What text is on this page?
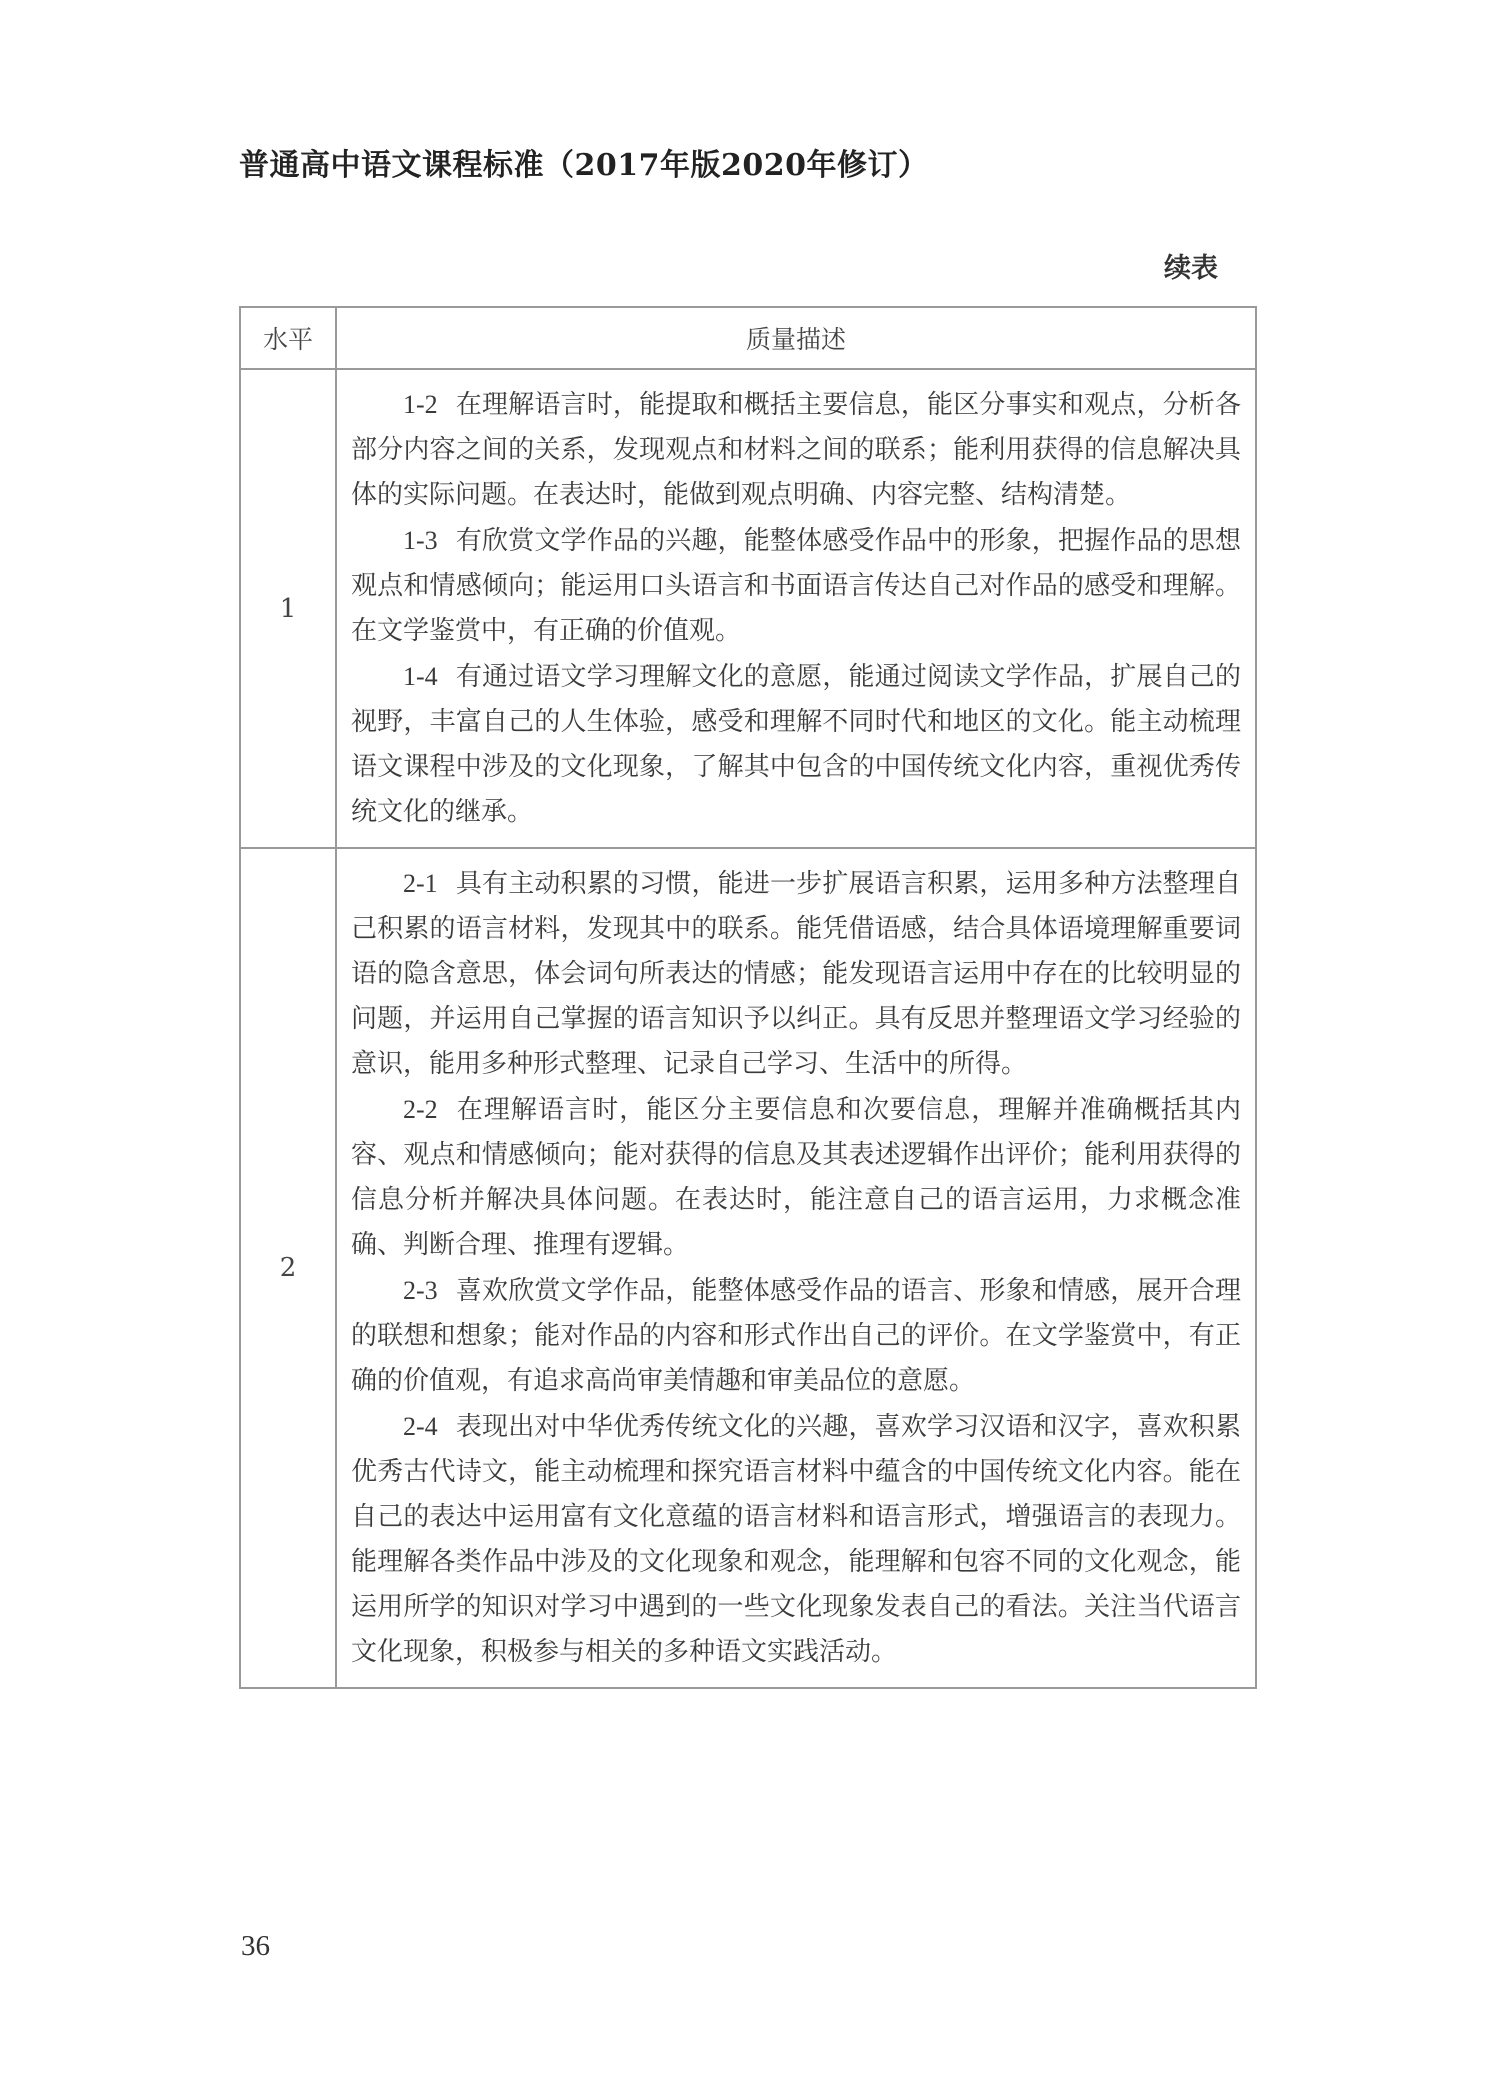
普通高中语文课程标准（2017年版2020年修订）
续表
水平	质量描述
1	1-2 在理解语言时，能提取和概括主要信息，能区分事实和观点，分析各部分内容之间的关系，发现观点和材料之间的联系；能利用获得的信息解决具体的实际问题。在表达时，能做到观点明确、内容完整、结构清楚。

1-3 有欣赏文学作品的兴趣，能整体感受作品中的形象，把握作品的思想观点和情感倾向；能运用口头语言和书面语言传达自己对作品的感受和理解。在文学鉴赏中，有正确的价值观。

1-4 有通过语文学习理解文化的意愿，能通过阅读文学作品，扩展自己的视野，丰富自己的人生体验，感受和理解不同时代和地区的文化。能主动梳理语文课程中涉及的文化现象，了解其中包含的中国传统文化内容，重视优秀传统文化的继承。

2	2-1 具有主动积累的习惯，能进一步扩展语言积累，运用多种方法整理自己积累的语言材料，发现其中的联系。能凭借语感，结合具体语境理解重要词语的隐含意思，体会词句所表达的情感；能发现语言运用中存在的比较明显的问题，并运用自己掌握的语言知识予以纠正。具有反思并整理语文学习经验的意识，能用多种形式整理、记录自己学习、生活中的所得。

2-2 在理解语言时，能区分主要信息和次要信息，理解并准确概括其内容、观点和情感倾向；能对获得的信息及其表述逻辑作出评价；能利用获得的信息分析并解决具体问题。在表达时，能注意自己的语言运用，力求概念准确、判断合理、推理有逻辑。

2-3 喜欢欣赏文学作品，能整体感受作品的语言、形象和情感，展开合理的联想和想象；能对作品的内容和形式作出自己的评价。在文学鉴赏中，有正确的价值观，有追求高尚审美情趣和审美品位的意愿。

2-4 表现出对中华优秀传统文化的兴趣，喜欢学习汉语和汉字，喜欢积累优秀古代诗文，能主动梳理和探究语言材料中蕴含的中国传统文化内容。能在自己的表达中运用富有文化意蕴的语言材料和语言形式，增强语言的表现力。能理解各类作品中涉及的文化现象和观念，能理解和包容不同的文化观念，能运用所学的知识对学习中遇到的一些文化现象发表自己的看法。关注当代语言文化现象，积极参与相关的多种语文实践活动。

36
